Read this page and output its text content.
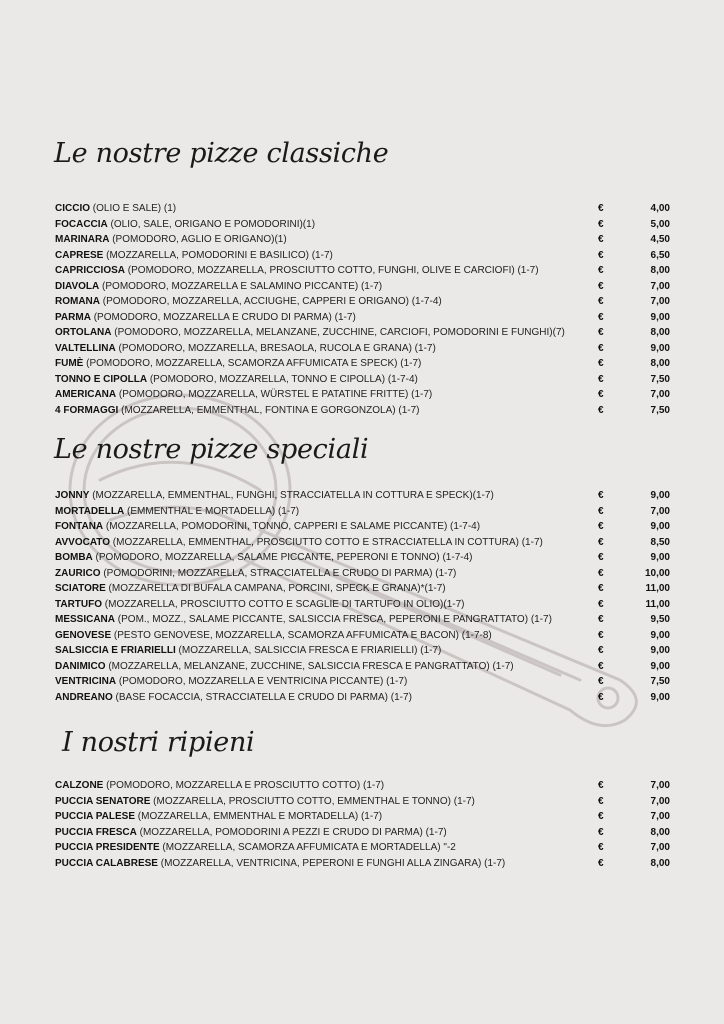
Le nostre pizze classiche
CICCIO (OLIO E SALE) (1)	€	4,00
FOCACCIA (OLIO, SALE, ORIGANO E POMODORINI)(1)	€	5,00
MARINARA (POMODORO, AGLIO E ORIGANO)(1)	€	4,50
CAPRESE (MOZZARELLA, POMODORINI E BASILICO) (1-7)	€	6,50
CAPRICCIOSA (POMODORO, MOZZARELLA, PROSCIUTTO COTTO, FUNGHI, OLIVE E CARCIOFI) (1-7)	€	8,00
DIAVOLA (POMODORO, MOZZARELLA E SALAMINO PICCANTE) (1-7)	€	7,00
ROMANA (POMODORO, MOZZARELLA, ACCIUGHE, CAPPERI E ORIGANO) (1-7-4)	€	7,00
PARMA (POMODORO, MOZZARELLA E CRUDO DI PARMA) (1-7)	€	9,00
ORTOLANA (POMODORO, MOZZARELLA, MELANZANE, ZUCCHINE, CARCIOFI, POMODORINI E FUNGHI)(7)	€	8,00
VALTELLINA (POMODORO, MOZZARELLA, BRESAOLA, RUCOLA E GRANA) (1-7)	€	9,00
FUMÈ (POMODORO, MOZZARELLA, SCAMORZA AFFUMICATA E SPECK) (1-7)	€	8,00
TONNO E CIPOLLA (POMODORO, MOZZARELLA, TONNO E CIPOLLA) (1-7-4)	€	7,50
AMERICANA (POMODORO, MOZZARELLA, WÜRSTEL E PATATINE FRITTE) (1-7)	€	7,00
4 FORMAGGI (MOZZARELLA, EMMENTHAL, FONTINA E GORGONZOLA) (1-7)	€	7,50
Le nostre pizze speciali
JONNY (MOZZARELLA, EMMENTHAL, FUNGHI, STRACCIATELLA IN COTTURA E SPECK)(1-7)	€	9,00
MORTADELLA (EMMENTHAL E MORTADELLA) (1-7)	€	7,00
FONTANA (MOZZARELLA, POMODORINI, TONNO, CAPPERI E SALAME PICCANTE) (1-7-4)	€	9,00
AVVOCATO (MOZZARELLA, EMMENTHAL, PROSCIUTTO COTTO E STRACCIATELLA IN COTTURA) (1-7)	€	8,50
BOMBA (POMODORO, MOZZARELLA, SALAME PICCANTE, PEPERONI E TONNO) (1-7-4)	€	9,00
ZAURICO (POMODORINI, MOZZARELLA, STRACCIATELLA E CRUDO DI PARMA) (1-7)	€	10,00
SCIATORE (MOZZARELLA DI BUFALA CAMPANA, PORCINI, SPECK E GRANA)*(1-7)	€	11,00
TARTUFO (MOZZARELLA, PROSCIUTTO COTTO E SCAGLIE DI TARTUFO IN OLIO)(1-7)	€	11,00
MESSICANA (POM., MOZZ., SALAME PICCANTE, SALSICCIA FRESCA, PEPERONI E PANGRATTATO) (1-7)	€	9,50
GENOVESE (PESTO GENOVESE, MOZZARELLA, SCAMORZA AFFUMICATA E BACON) (1-7-8)	€	9,00
SALSICCIA E FRIARIELLI (MOZZARELLA, SALSICCIA FRESCA E FRIARIELLI) (1-7)	€	9,00
DANIMICO (MOZZARELLA, MELANZANE, ZUCCHINE, SALSICCIA FRESCA E PANGRATTATO) (1-7)	€	9,00
VENTRICINA (POMODORO, MOZZARELLA E VENTRICINA PICCANTE) (1-7)	€	7,50
ANDREANO (BASE FOCACCIA, STRACCIATELLA E CRUDO DI PARMA) (1-7)	€	9,00
I nostri ripieni
CALZONE (POMODORO, MOZZARELLA E PROSCIUTTO COTTO) (1-7)	€	7,00
PUCCIA SENATORE (MOZZARELLA, PROSCIUTTO COTTO, EMMENTHAL E TONNO) (1-7)	€	7,00
PUCCIA PALESE (MOZZARELLA, EMMENTHAL E MORTADELLA) (1-7)	€	7,00
PUCCIA FRESCA (MOZZARELLA, POMODORINI A PEZZI E CRUDO DI PARMA) (1-7)	€	8,00
PUCCIA PRESIDENTE (MOZZARELLA, SCAMORZA AFFUMICATA E MORTADELLA) "-2	€	7,00
PUCCIA CALABRESE (MOZZARELLA, VENTRICINA, PEPERONI E FUNGHI ALLA ZINGARA) (1-7)	€	8,00
